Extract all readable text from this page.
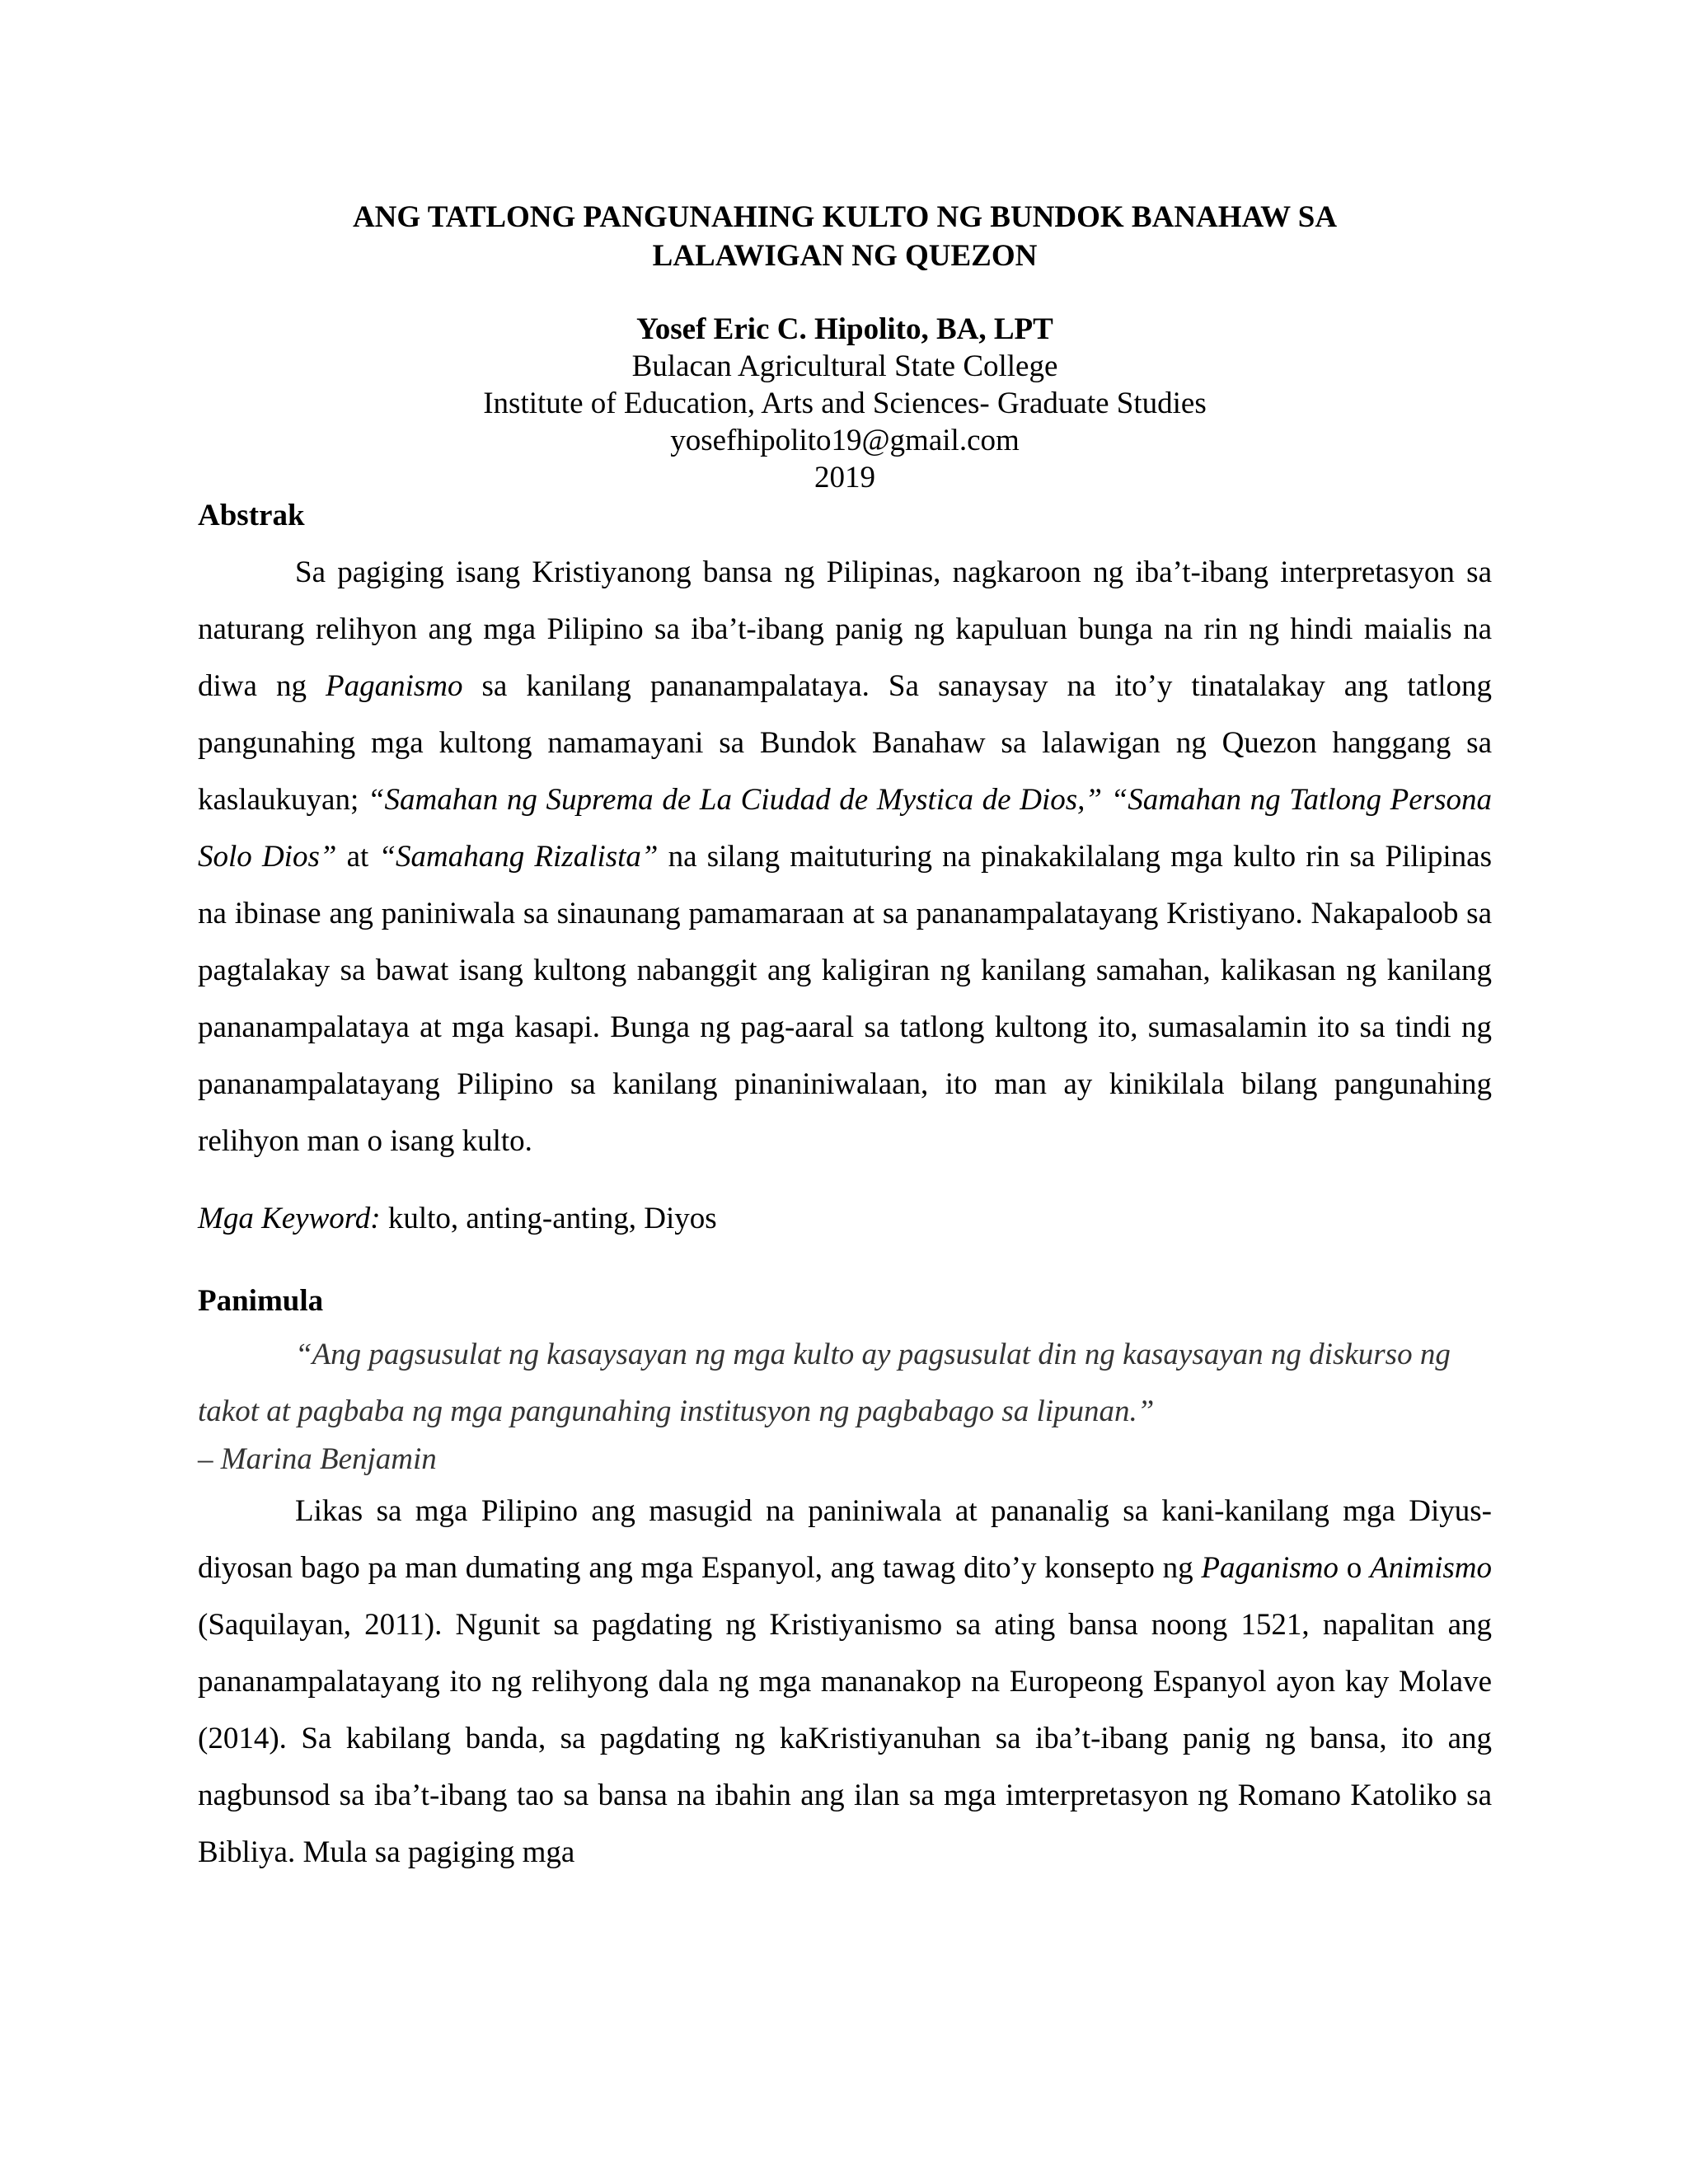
ANG TATLONG PANGUNAHING KULTO NG BUNDOK BANAHAW SA
LALAWIGAN NG QUEZON

Yosef Eric C. Hipolito, BA, LPT
Bulacan Agricultural State College
Institute of Education, Arts and Sciences- Graduate Studies
yosefhipolito19@gmail.com
2019

Abstrak

Sa pagiging isang Kristiyanong bansa ng Pilipinas, nagkaroon ng iba’t-ibang interpretasyon sa naturang relihyon ang mga Pilipino sa iba’t-ibang panig ng kapuluan bunga na rin ng hindi maialis na diwa ng Paganismo sa kanilang pananampalataya. Sa sanaysay na ito’y tinatalakay ang tatlong pangunahing mga kultong namamayani sa Bundok Banahaw sa lalawigan ng Quezon hanggang sa kaslaukuyan; “Samahan ng Suprema de La Ciudad de Mystica de Dios,” “Samahan ng Tatlong Persona Solo Dios” at “Samahang Rizalista” na silang maituturing na pinakakilalang mga kulto rin sa Pilipinas na ibinase ang paniniwala sa sinaunang pamamaraan at sa pananampalatayang Kristiyano. Nakapaloob sa pagtalakay sa bawat isang kultong nabanggit ang kaligiran ng kanilang samahan, kalikasan ng kanilang pananampalataya at mga kasapi. Bunga ng pag-aaral sa tatlong kultong ito, sumasalamin ito sa tindi ng pananampalatayang Pilipino sa kanilang pinaniniwalaan, ito man ay kinikilala bilang pangunahing relihyon man o isang kulto.

Mga Keyword: kulto, anting-anting, Diyos

Panimula

“Ang pagsusulat ng kasaysayan ng mga kulto ay pagsusulat din ng kasaysayan ng diskurso ng takot at pagbaba ng mga pangunahing institusyon ng pagbabago sa lipunan.”

– Marina Benjamin

Likas sa mga Pilipino ang masugid na paniniwala at pananalig sa kani-kanilang mga Diyus-diyosan bago pa man dumating ang mga Espanyol, ang tawag dito’y konsepto ng Paganismo o Animismo (Saquilayan, 2011). Ngunit sa pagdating ng Kristiyanismo sa ating bansa noong 1521, napalitan ang pananampalatayang ito ng relihyong dala ng mga mananakop na Europeong Espanyol ayon kay Molave (2014). Sa kabilang banda, sa pagdating ng kaKristiyanuhan sa iba’t-ibang panig ng bansa, ito ang nagbunsod sa iba’t-ibang tao sa bansa na ibahin ang ilan sa mga imterpretasyon ng Romano Katoliko sa Bibliya. Mula sa pagiging mga
